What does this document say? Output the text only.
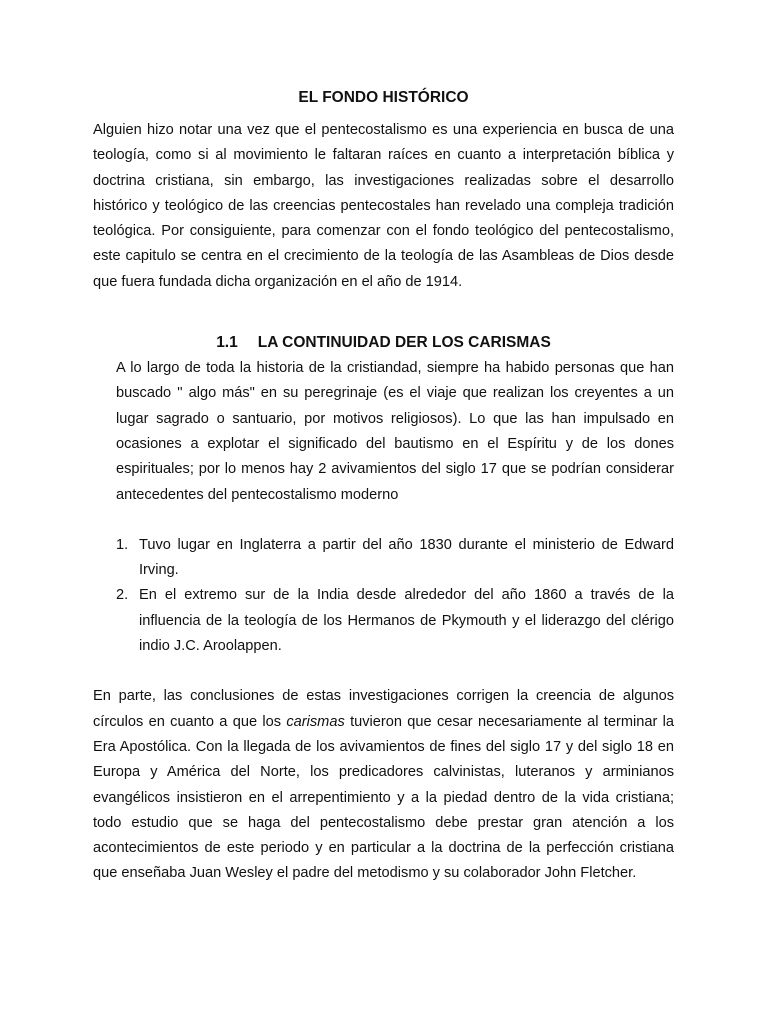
EL FONDO HISTÓRICO

Alguien hizo notar una vez que el pentecostalismo es una experiencia en busca de una teología, como si al movimiento le faltaran raíces en cuanto a interpretación bíblica y doctrina cristiana, sin embargo, las investigaciones realizadas sobre el desarrollo histórico y teológico de las creencias pentecostales han revelado una compleja tradición teológica. Por consiguiente, para comenzar con el fondo teológico del pentecostalismo, este capitulo se centra en el crecimiento de la teología de las Asambleas de Dios desde que fuera fundada dicha organización en el año de 1914.

1.1 LA CONTINUIDAD DER LOS CARISMAS

A lo largo de toda la historia de la cristiandad, siempre ha habido personas que han buscado '' algo más" en su peregrinaje (es el viaje que realizan los creyentes a un lugar sagrado o santuario, por motivos religiosos). Lo que las han impulsado en ocasiones a explotar el significado del bautismo en el Espíritu y de los dones espirituales; por lo menos hay 2 avivamientos del siglo 17 que se podrían considerar antecedentes del pentecostalismo moderno

1. Tuvo lugar en Inglaterra a partir del año 1830 durante el ministerio de Edward Irving.
2. En el extremo sur de la India desde alrededor del año 1860 a través de la influencia de la teología de los Hermanos de Pkymouth y el liderazgo del clérigo indio J.C. Aroolappen.

En parte, las conclusiones de estas investigaciones corrigen la creencia de algunos círculos en cuanto a que los carismas tuvieron que cesar necesariamente al terminar la Era Apostólica. Con la llegada de los avivamientos de fines del siglo 17 y del siglo 18 en Europa y América del Norte, los predicadores calvinistas, luteranos y arminianos evangélicos insistieron en el arrepentimiento y a la piedad dentro de la vida cristiana; todo estudio que se haga del pentecostalismo debe prestar gran atención a los acontecimientos de este periodo y en particular a la doctrina de la perfección cristiana que enseñaba Juan Wesley el padre del metodismo y su colaborador John Fletcher.
